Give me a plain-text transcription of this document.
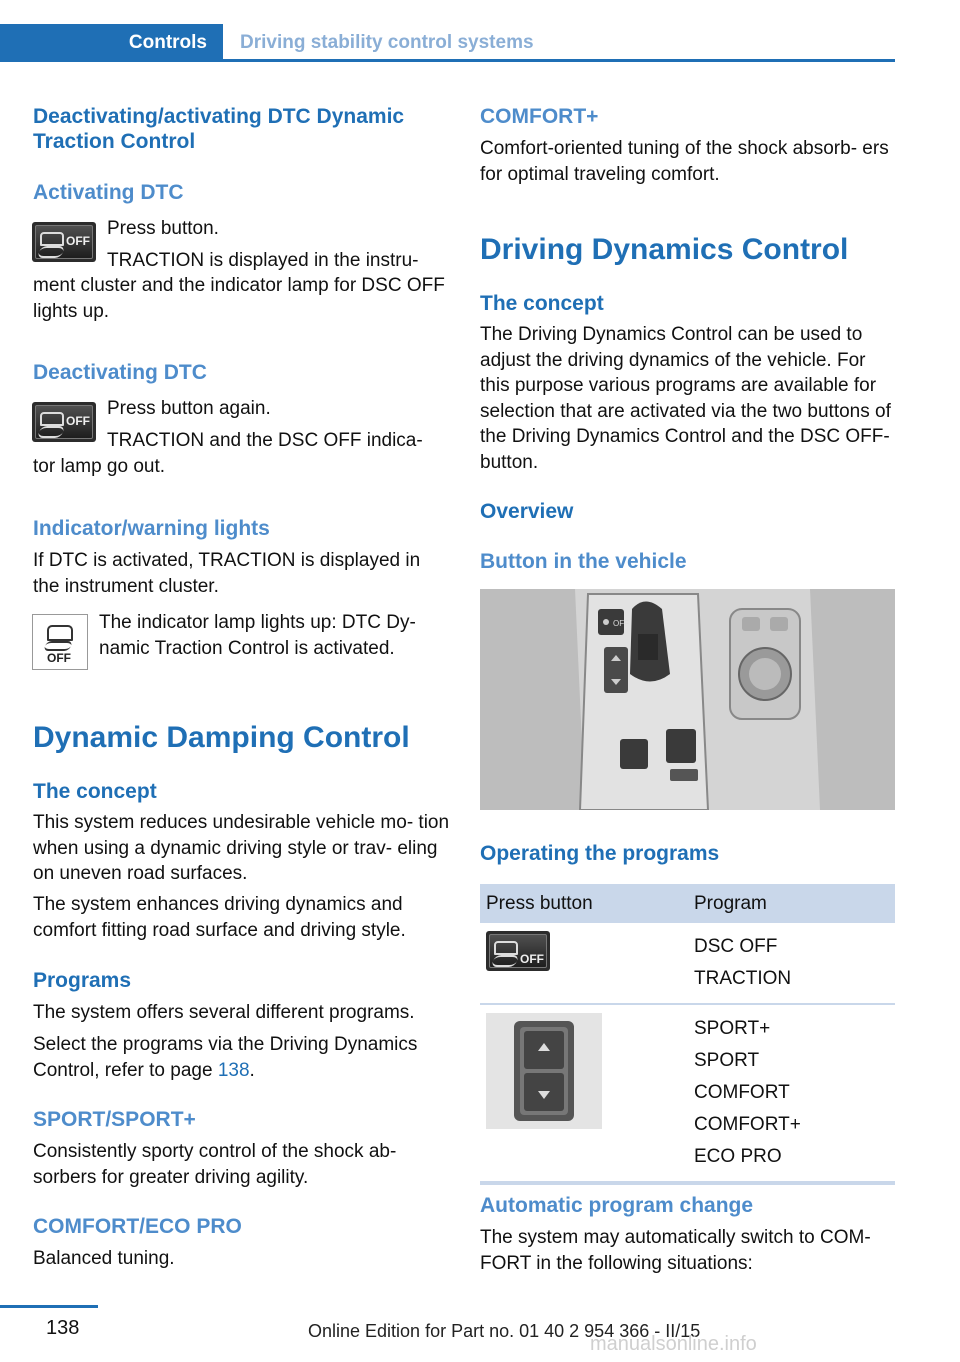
Controls Driving stability control systems
Deactivating/activating DTC Dynamic Traction Control
Activating DTC
OFF
Press button.
TRACTION is displayed in the instru‐
ment cluster and the indicator lamp for DSC OFF lights up.
Deactivating DTC
OFF
Press button again.
TRACTION and the DSC OFF indica‐
tor lamp go out.
Indicator/warning lights
If DTC is activated, TRACTION is displayed in the instrument cluster.
OFF
The indicator lamp lights up: DTC Dy‐ namic Traction Control is activated.
Dynamic Damping Control
The concept
This system reduces undesirable vehicle mo‐ tion when using a dynamic driving style or trav‐ eling on uneven road surfaces.
The system enhances driving dynamics and comfort fitting road surface and driving style.
Programs
The system offers several different programs.
Select the programs via the Driving Dynamics Control, refer to page 138.
SPORT/SPORT+
Consistently sporty control of the shock ab‐ sorbers for greater driving agility.
COMFORT/ECO PRO
Balanced tuning.
COMFORT+
Comfort-oriented tuning of the shock absorb‐ ers for optimal traveling comfort.
Driving Dynamics Control
The concept
The Driving Dynamics Control can be used to adjust the driving dynamics of the vehicle. For this purpose various programs are available for selection that are activated via the two buttons of the Driving Dynamics Control and the DSC OFF-button.
Overview
Button in the vehicle
OFF
Operating the programs
Press button	Program

OFF	DSC OFF
TRACTION

SPORT+
SPORT
COMFORT
COMFORT+
ECO PRO
Automatic program change
The system may automatically switch to COM‐ FORT in the following situations:
138	Online Edition for Part no. 01 40 2 954 366 - II/15
manualsonline.info
